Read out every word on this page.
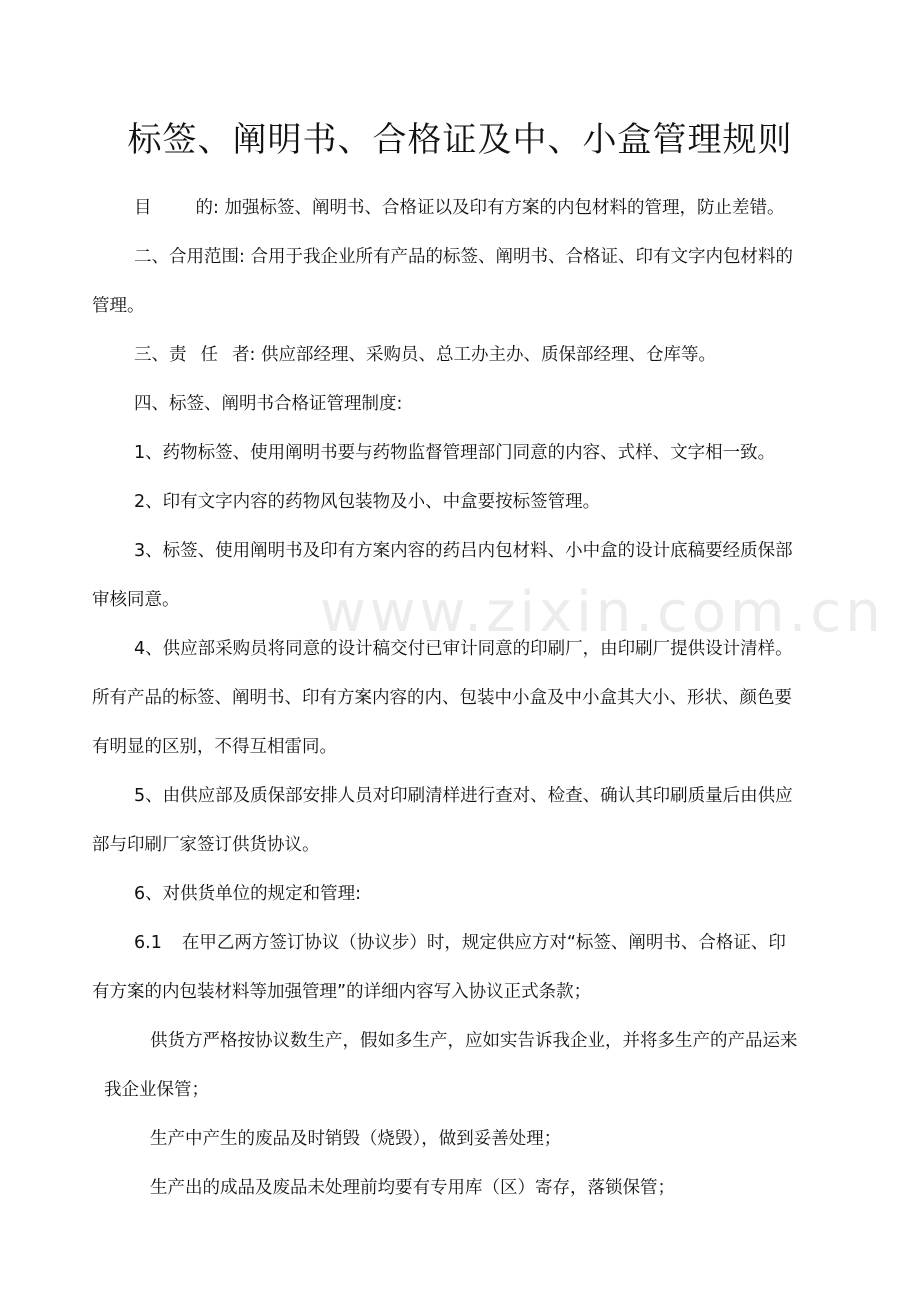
www.zixin.com.cn
标签、阐明书、合格证及中、小盒管理规则
目	的: 加强标签、阐明书、合格证以及印有方案的内包材料的管理，防止差错。
二、合用范围: 合用于我企业所有产品的标签、阐明书、合格证、印有文字内包材料的
管理。
三、责 任 者: 供应部经理、采购员、总工办主办、质保部经理、仓库等。
四、标签、阐明书合格证管理制度:
1、药物标签、使用阐明书要与药物监督管理部门同意的内容、式样、文字相一致。
2、印有文字内容的药物风包装物及小、中盒要按标签管理。
3、标签、使用阐明书及印有方案内容的药吕内包材料、小中盒的设计底稿要经质保部
审核同意。
4、供应部采购员将同意的设计稿交付已审计同意的印刷厂，由印刷厂提供设计清样。
所有产品的标签、阐明书、印有方案内容的内、包装中小盒及中小盒其大小、形状、颜色要
有明显的区别，不得互相雷同。
5、由供应部及质保部安排人员对印刷清样进行查对、检查、确认其印刷质量后由供应
部与印刷厂家签订供货协议。
6、对供货单位的规定和管理:
6.1 在甲乙两方签订协议（协议步）时，规定供应方对“标签、阐明书、合格证、印
有方案的内包装材料等加强管理”的详细内容写入协议正式条款；
供货方严格按协议数生产，假如多生产，应如实告诉我企业，并将多生产的产品运来
我企业保管；
生产中产生的废品及时销毁（烧毁），做到妥善处理；
生产出的成品及废品未处理前均要有专用库（区）寄存，落锁保管；
